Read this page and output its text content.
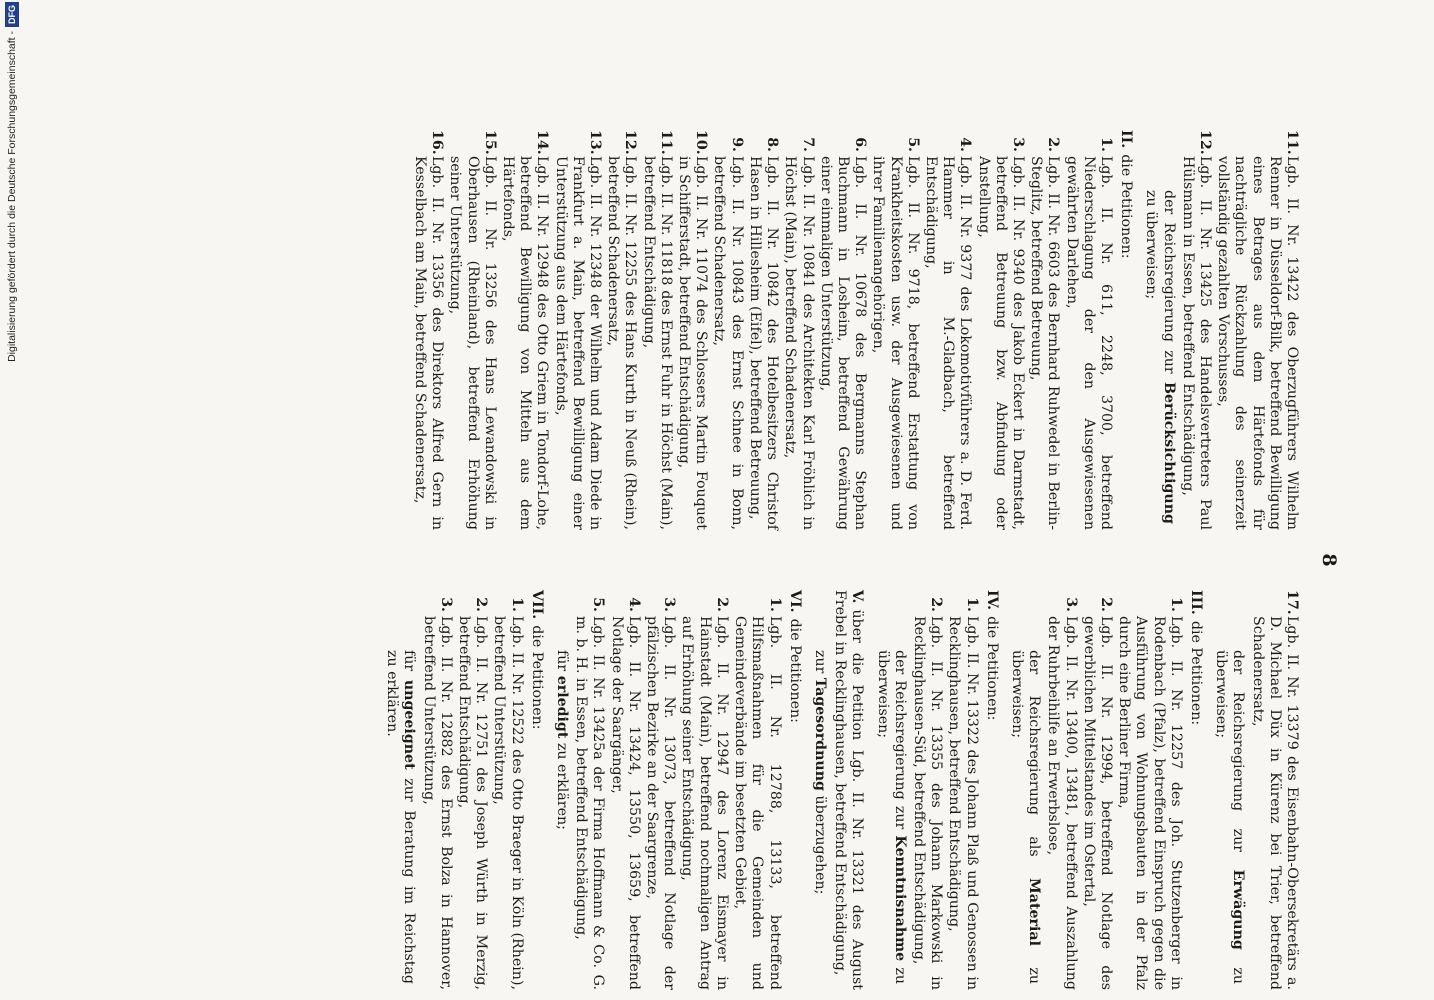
8
11.
Lgb. II. Nr. 13422 des Oberzugführers Wilhelm Renner in Düsseldorf-Bilk, betreffend Bewilligung eines Betrages aus dem Härtefonds für nachträgliche Rückzahlung des seinerzeit vollständig gezahlten Vorschusses,
12.
Lgb. II. Nr. 13425 des Handelsvertreters Paul Hülsmann in Essen, betreffend Entschädigung,
der Reichsregierung zur Berücksichtigung zu überweisen;
II.die Petitionen:
1.
Lgb. II. Nr. 611, 2248, 3700, betreffend Niederschlagung der den Ausgewiesenen gewährten Darlehen,
2.
Lgb. II. Nr. 6603 des Bernhard Ruhwedel in Berlin-Steglitz, betreffend Betreuung,
3.
Lgb. II. Nr. 9340 des Jakob Eckert in Darmstadt, betreffend Betreuung bzw. Abfindung oder Anstellung,
4.
Lgb. II. Nr. 9377 des Lokomotivführers a. D. Ferd. Hammer in M.-Gladbach, betreffend Entschädigung,
5.
Lgb. II. Nr. 9718, betreffend Erstattung von Krankheitskosten usw. der Ausgewiesenen und ihrer Familienangehörigen,
6.
Lgb. II. Nr. 10678 des Bergmanns Stephan Buchmann in Losheim, betreffend Gewährung einer einmaligen Unterstützung,
7.
Lgb. II. Nr. 10841 des Architekten Karl Fröhlich in Höchst (Main), betreffend Schadenersatz,
8.
Lgb. II. Nr. 10842 des Hotelbesitzers Christof Hasen in Hillesheim (Eifel), betreffend Betreuung,
9.
Lgb. II. Nr. 10843 des Ernst Schnee in Bonn, betreffend Schadenersatz,
10.
Lgb. II. Nr. 11074 des Schlossers Martin Fouquet in Schifferstadt, betreffend Entschädigung,
11.
Lgb. II. Nr. 11818 des Ernst Fuhr in Höchst (Main), betreffend Entschädigung,
12.
Lgb. II. Nr. 12255 des Hans Kurth in Neuß (Rhein), betreffend Schadenersatz,
13.
Lgb. II. Nr. 12348 der Wilhelm und Adam Diede in Frankfurt a. Main, betreffend Bewilligung einer Unterstützung aus dem Härtefonds,
14.
Lgb. II. Nr. 12948 des Otto Griem in Tondorf-Lohe, betreffend Bewilligung von Mitteln aus dem Härtefonds,
15.
Lgb. II. Nr. 13256 des Hans Lewandowski in Oberhausen (Rheinland), betreffend Erhöhung seiner Unterstützung,
16.
Lgb. II. Nr. 13356 des Direktors Alfred Gern in Kesselbach am Main, betreffend Schadenersatz,
17.
Lgb. II. Nr. 13379 des Eisenbahn-Obersekretärs a. D. Michael Düx in Kürenz bei Trier, betreffend Schadenersatz,
der Reichsregierung zur Erwägung zu überweisen;
III.die Petitionen:
1.
Lgb. II. Nr. 12257 des Joh. Stutzenberger in Rodenbach (Pfalz), betreffend Einspruch gegen die Ausführung von Wohnungsbauten in der Pfalz durch eine Berliner Firma,
2.
Lgb. II. Nr. 12994, betreffend Notlage des gewerblichen Mittelstandes im Ostertal,
3.
Lgb. II. Nr. 13400, 13481, betreffend Auszahlung der Ruhrbeihilfe an Erwerbslose,
der Reichsregierung als Material zu überweisen;
IV.die Petitionen:
1.
Lgb. II. Nr. 13322 des Johann Plaß und Genossen in Recklinghausen, betreffend Entschädigung,
2.
Lgb. II. Nr. 13355 des Johann Markowski in Recklinghausen-Süd, betreffend Entschädigung,
der Reichsregierung zur Kenntnisnahme zu überweisen;
V.über die Petition Lgb. II. Nr. 13321 des August Frebel in Recklinghausen, betreffend Entschädigung,
zur Tagesordnung überzugehen;
VI.die Petitionen:
1.
Lgb. II. Nr. 12788, 13133, betreffend Hilfsmaßnahmen für die Gemeinden und Gemeindeverbände im besetzten Gebiet,
2.
Lgb. II. Nr. 12947 des Lorenz Eismayer in Hainstadt (Main), betreffend nochmaligen Antrag auf Erhöhung seiner Entschädigung,
3.
Lgb. II. Nr. 13073, betreffend Notlage der pfälzischen Bezirke an der Saargrenze,
4.
Lgb. II. Nr. 13424, 13550, 13659, betreffend Notlage der Saargänger,
5.
Lgb. II. Nr. 13425a der Firma Hoffmann & Co. G. m. b. H. in Essen, betreffend Entschädigung,
für erledigt zu erklären;
VII.die Petitionen:
1.
Lgb. II. Nr. 12522 des Otto Braeger in Köln (Rhein), betreffend Unterstützung,
2.
Lgb. II. Nr. 12751 des Joseph Würth in Merzig, betreffend Entschädigung,
3.
Lgb. II. Nr. 12882 des Ernst Bolza in Hannover, betreffend Unterstützung,
für ungeeignet zur Beratung im Reichstag zu erklären.
Digitalisierung gefördert durch die Deutsche Forschungsgemeinschaft -
DFG
